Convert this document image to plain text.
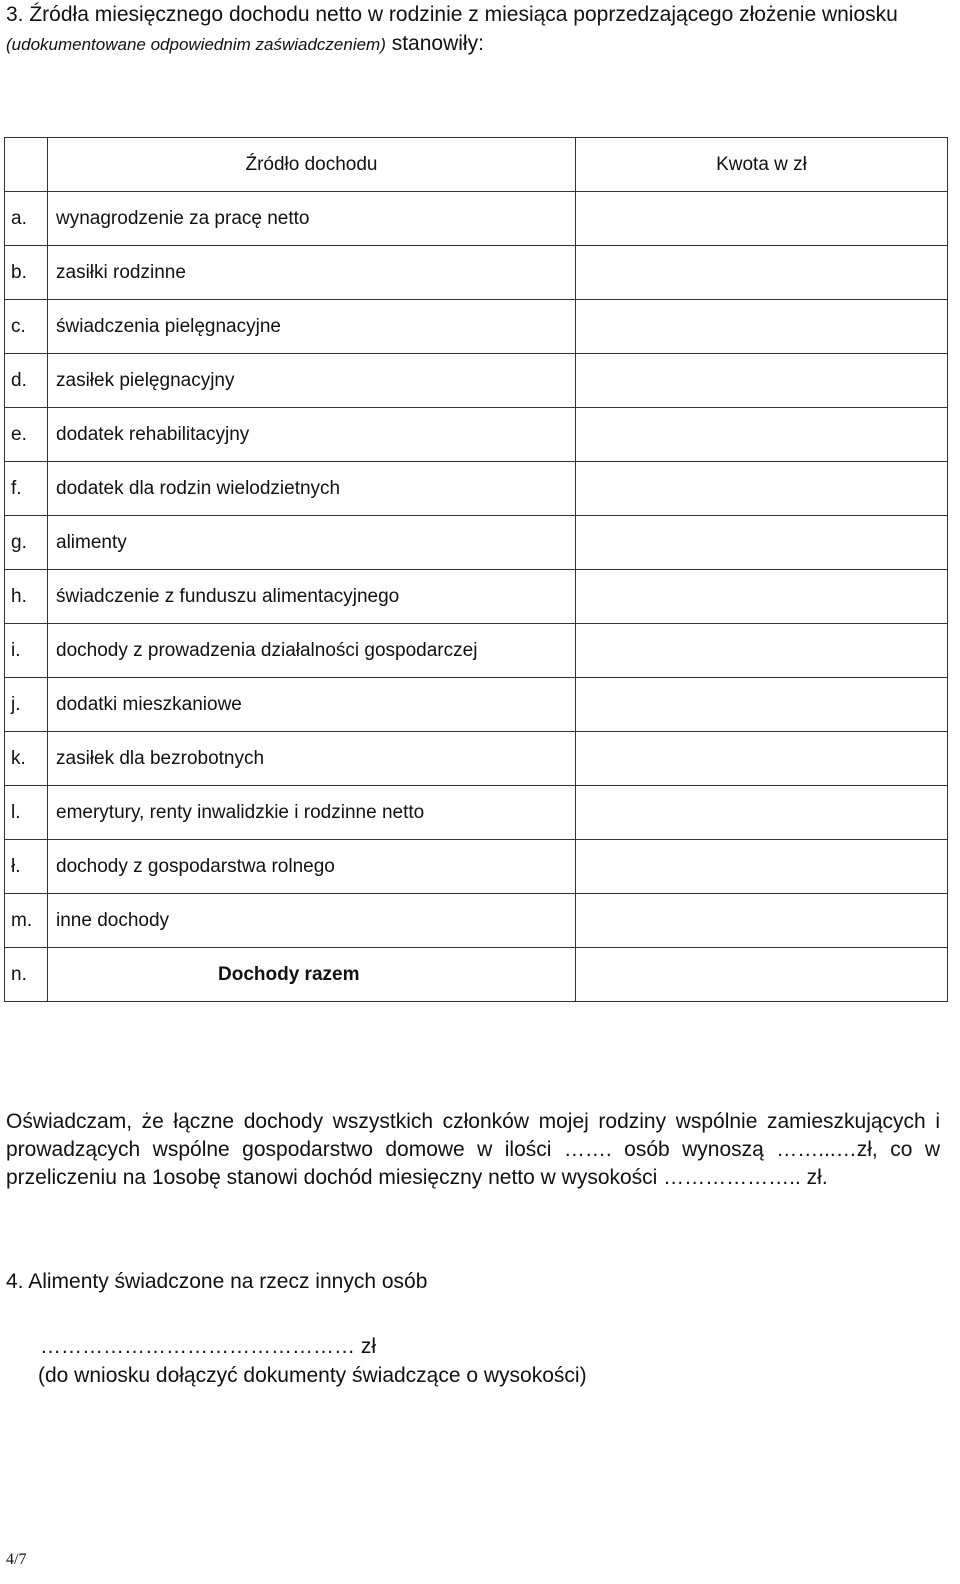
3. Źródła miesięcznego dochodu netto w rodzinie z miesiąca poprzedzającego złożenie wniosku (udokumentowane odpowiednim zaświadczeniem) stanowiły:
	Źródło dochodu	Kwota w zł
a.	wynagrodzenie za pracę netto	
b.	zasiłki rodzinne	
c.	świadczenia pielęgnacyjne	
d.	zasiłek pielęgnacyjny	
e.	dodatek rehabilitacyjny	
f.	dodatek dla rodzin wielodzietnych	
g.	alimenty	
h.	świadczenie z funduszu alimentacyjnego	
i.	dochody z prowadzenia działalności gospodarczej	
j.	dodatki mieszkaniowe	
k.	zasiłek dla bezrobotnych	
l.	emerytury, renty inwalidzkie i rodzinne netto	
ł.	dochody z gospodarstwa rolnego	
m.	inne dochody	
n.	Dochody razem	
Oświadczam, że łączne dochody wszystkich członków mojej rodziny wspólnie zamieszkujących i prowadzących wspólne gospodarstwo domowe w ilości ……. osób wynoszą ……...…zł, co w przeliczeniu na 1osobę stanowi dochód miesięczny netto w wysokości ……………….. zł.
4. Alimenty świadczone na rzecz innych osób
……………………………………… zł
(do wniosku dołączyć dokumenty świadczące o wysokości)
4/7
